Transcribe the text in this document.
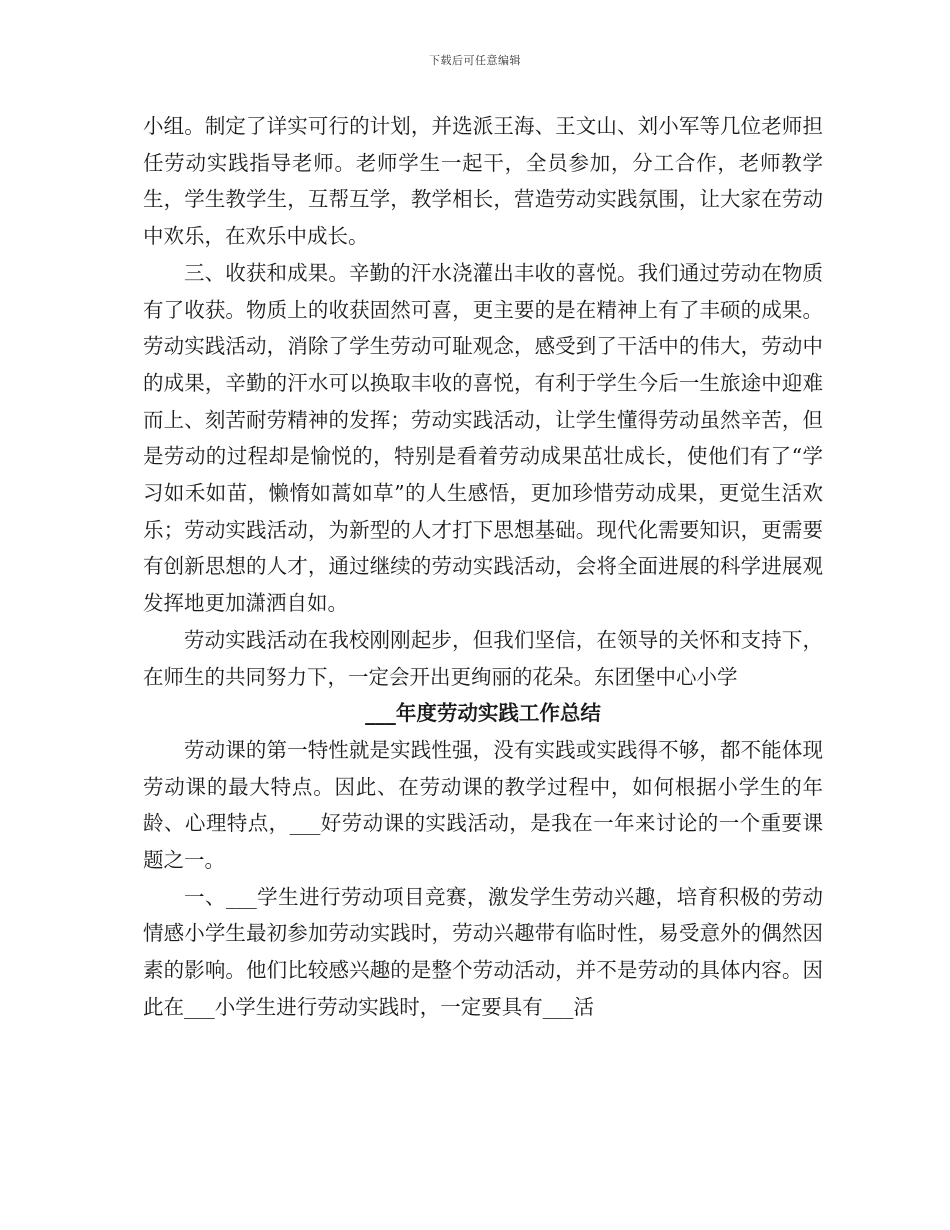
下载后可任意编辑

小组。制定了详实可行的计划，并选派王海、王文山、刘小军等几位老师担任劳动实践指导老师。老师学生一起干，全员参加，分工合作，老师教学生，学生教学生，互帮互学，教学相长，营造劳动实践氛围，让大家在劳动中欢乐，在欢乐中成长。

三、收获和成果。辛勤的汗水浇灌出丰收的喜悦。我们通过劳动在物质有了收获。物质上的收获固然可喜，更主要的是在精神上有了丰硕的成果。劳动实践活动，消除了学生劳动可耻观念，感受到了干活中的伟大，劳动中的成果，辛勤的汗水可以换取丰收的喜悦，有利于学生今后一生旅途中迎难而上、刻苦耐劳精神的发挥；劳动实践活动，让学生懂得劳动虽然辛苦，但是劳动的过程却是愉悦的，特别是看着劳动成果茁壮成长，使他们有了“学习如禾如苗，懒惰如蒿如草”的人生感悟，更加珍惜劳动成果，更觉生活欢乐；劳动实践活动，为新型的人才打下思想基础。现代化需要知识，更需要有创新思想的人才，通过继续的劳动实践活动，会将全面进展的科学进展观发挥地更加潇洒自如。

劳动实践活动在我校刚刚起步，但我们坚信，在领导的关怀和支持下，在师生的共同努力下，一定会开出更绚丽的花朵。东团堡中心小学

___年度劳动实践工作总结

劳动课的第一特性就是实践性强，没有实践或实践得不够，都不能体现劳动课的最大特点。因此、在劳动课的教学过程中，如何根据小学生的年龄、心理特点，___好劳动课的实践活动，是我在一年来讨论的一个重要课题之一。

一、___学生进行劳动项目竞赛，激发学生劳动兴趣，培育积极的劳动情感小学生最初参加劳动实践时，劳动兴趣带有临时性，易受意外的偶然因素的影响。他们比较感兴趣的是整个劳动活动，并不是劳动的具体内容。因此在___小学生进行劳动实践时，一定要具有___活
